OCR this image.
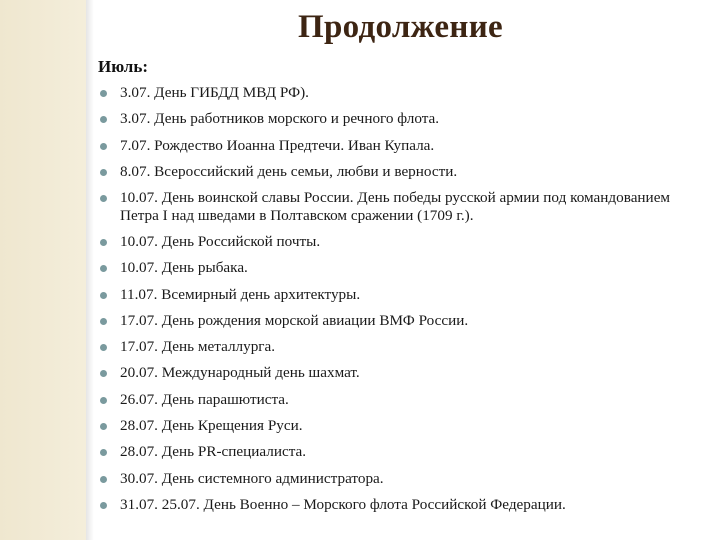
Продолжение
Июль:
3.07. День ГИБДД МВД РФ).
3.07. День работников морского и речного флота.
7.07. Рождество Иоанна Предтечи. Иван Купала.
8.07. Всероссийский день семьи, любви и верности.
10.07. День воинской славы России. День победы русской армии под командованием Петра I над шведами в Полтавском сражении (1709 г.).
10.07. День Российской почты.
10.07. День рыбака.
11.07. Всемирный день архитектуры.
17.07. День рождения морской авиации ВМФ России.
17.07. День металлурга.
20.07. Международный день шахмат.
26.07. День парашютиста.
28.07. День Крещения Руси.
28.07. День PR-специалиста.
30.07. День системного администратора.
31.07. 25.07. День Военно – Морского флота Российской Федерации.
